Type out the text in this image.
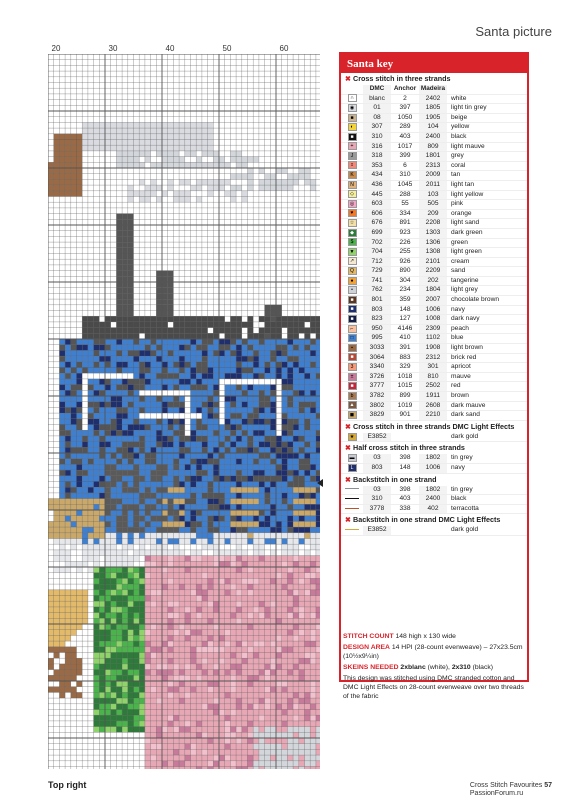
Santa picture
20	30	40	50	60
Santa key
✖ Cross stitch in three strands
DMC	Anchor Madeira
∩	blanc	2	2402	white
◉	01	397	1805	light tin grey
■	08	1050	1905	beige
◐	307	289	104	yellow
■	310	403	2400	black
+	316	1017	809	light mauve
J	318	399	1801	grey
ɪ	353	6	2313	coral
K	434	310	2009	tan
N	436	1045	2011	light tan
◇	445	288	103	light yellow
◎	603	55	505	pink
♥	606	334	209	orange
☆	676	891	2208	light sand
◆	699	923	1303	dark green
$	702	226	1306	green
▼	704	255	1308	light green
↗	712	926	2101	cream
Q	729	890	2209	sand
●	741	304	202	tangerine
•	762	234	1804	light grey
■	801	359	2007	chocolate brown
■	803	148	1006	navy
■	823	127	1008	dark navy
⌐	950	4146	2309	peach
□	995	410	1102	blue
▪	3033	391	1908	light brown
■	3064	883	2312	brick red
3	3340	329	301	apricot
±	3726	1018	810	mauve
■	3777	1015	2502	red
b	3782	899	1911	brown
▲	3802	1019	2608	dark mauve
◼	3829	901	2210	dark sand
✖ Cross stitch in three strands DMC Light Effects
★	E3852	dark gold
✖ Half cross stitch in three strands
▬	03	398	1802	tin grey
L	803	148	1006	navy
✖ Backstitch in one strand
03	398	1802	tin grey
310	403	2400	black
3778	338	402	terracotta
✖ Backstitch in one strand DMC Light Effects
E3852	dark gold

STITCH COUNT 148 high x 130 wide

DESIGN AREA 14 HPI (28-count evenweave) – 27x23.5cm (10½x9¼in)

SKEINS NEEDED 2xblanc (white), 2x310 (black)

This design was stitched using DMC stranded cotton and DMC Light Effects on 28-count evenweave over two threads of the fabric

Top right	Cross Stitch Favourites 57
PassionForum.ru
